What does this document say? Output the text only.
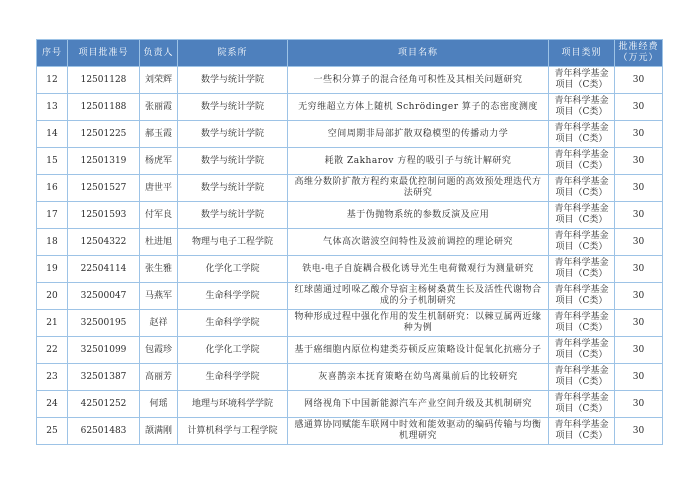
序号	项目批准号	负责人	院系所	项目名称	项目类别	批准经费（万元）
12	12501128	刘荣辉	数学与统计学院	一些积分算子的混合径角可积性及其相关问题研究	青年科学基金项目（C类）	30
13	12501188	张丽霞	数学与统计学院	无穷维超立方体上随机 Schrödinger 算子的态密度测度	青年科学基金项目（C类）	30
14	12501225	郝玉霞	数学与统计学院	空间周期非局部扩散双稳模型的传播动力学	青年科学基金项目（C类）	30
15	12501319	杨虎军	数学与统计学院	耗散 Zakharov 方程的吸引子与统计解研究	青年科学基金项目（C类）	30
16	12501527	唐世平	数学与统计学院	高维分数阶扩散方程约束最优控制问题的高效预处理迭代方法研究	青年科学基金项目（C类）	30
17	12501593	付军良	数学与统计学院	基于伪抛物系统的参数反演及应用	青年科学基金项目（C类）	30
18	12504322	杜进旭	物理与电子工程学院	气体高次谐波空间特性及波前调控的理论研究	青年科学基金项目（C类）	30
19	22504114	张生雅	化学化工学院	铁电-电子自旋耦合极化诱导光生电荷微观行为测量研究	青年科学基金项目（C类）	30
20	32500047	马燕军	生命科学学院	红球菌通过吲哚乙酸介导宿主杨树桑黄生长及活性代谢物合成的分子机制研究	青年科学基金项目（C类）	30
21	32500195	赵祥	生命科学学院	物种形成过程中强化作用的发生机制研究：以棘豆属两近缘种为例	青年科学基金项目（C类）	30
22	32501099	包霞珍	化学化工学院	基于癌细胞内原位构建类芬顿反应策略设计促氧化抗癌分子	青年科学基金项目（C类）	30
23	32501387	高丽芳	生命科学学院	灰喜鹊亲本抚育策略在幼鸟离巢前后的比较研究	青年科学基金项目（C类）	30
24	42501252	何瑶	地理与环境科学学院	网络视角下中国新能源汽车产业空间升级及其机制研究	青年科学基金项目（C类）	30
25	62501483	颉满刚	计算机科学与工程学院	感通算协同赋能车联网中时效和能效驱动的编码传输与均衡机理研究	青年科学基金项目（C类）	30
